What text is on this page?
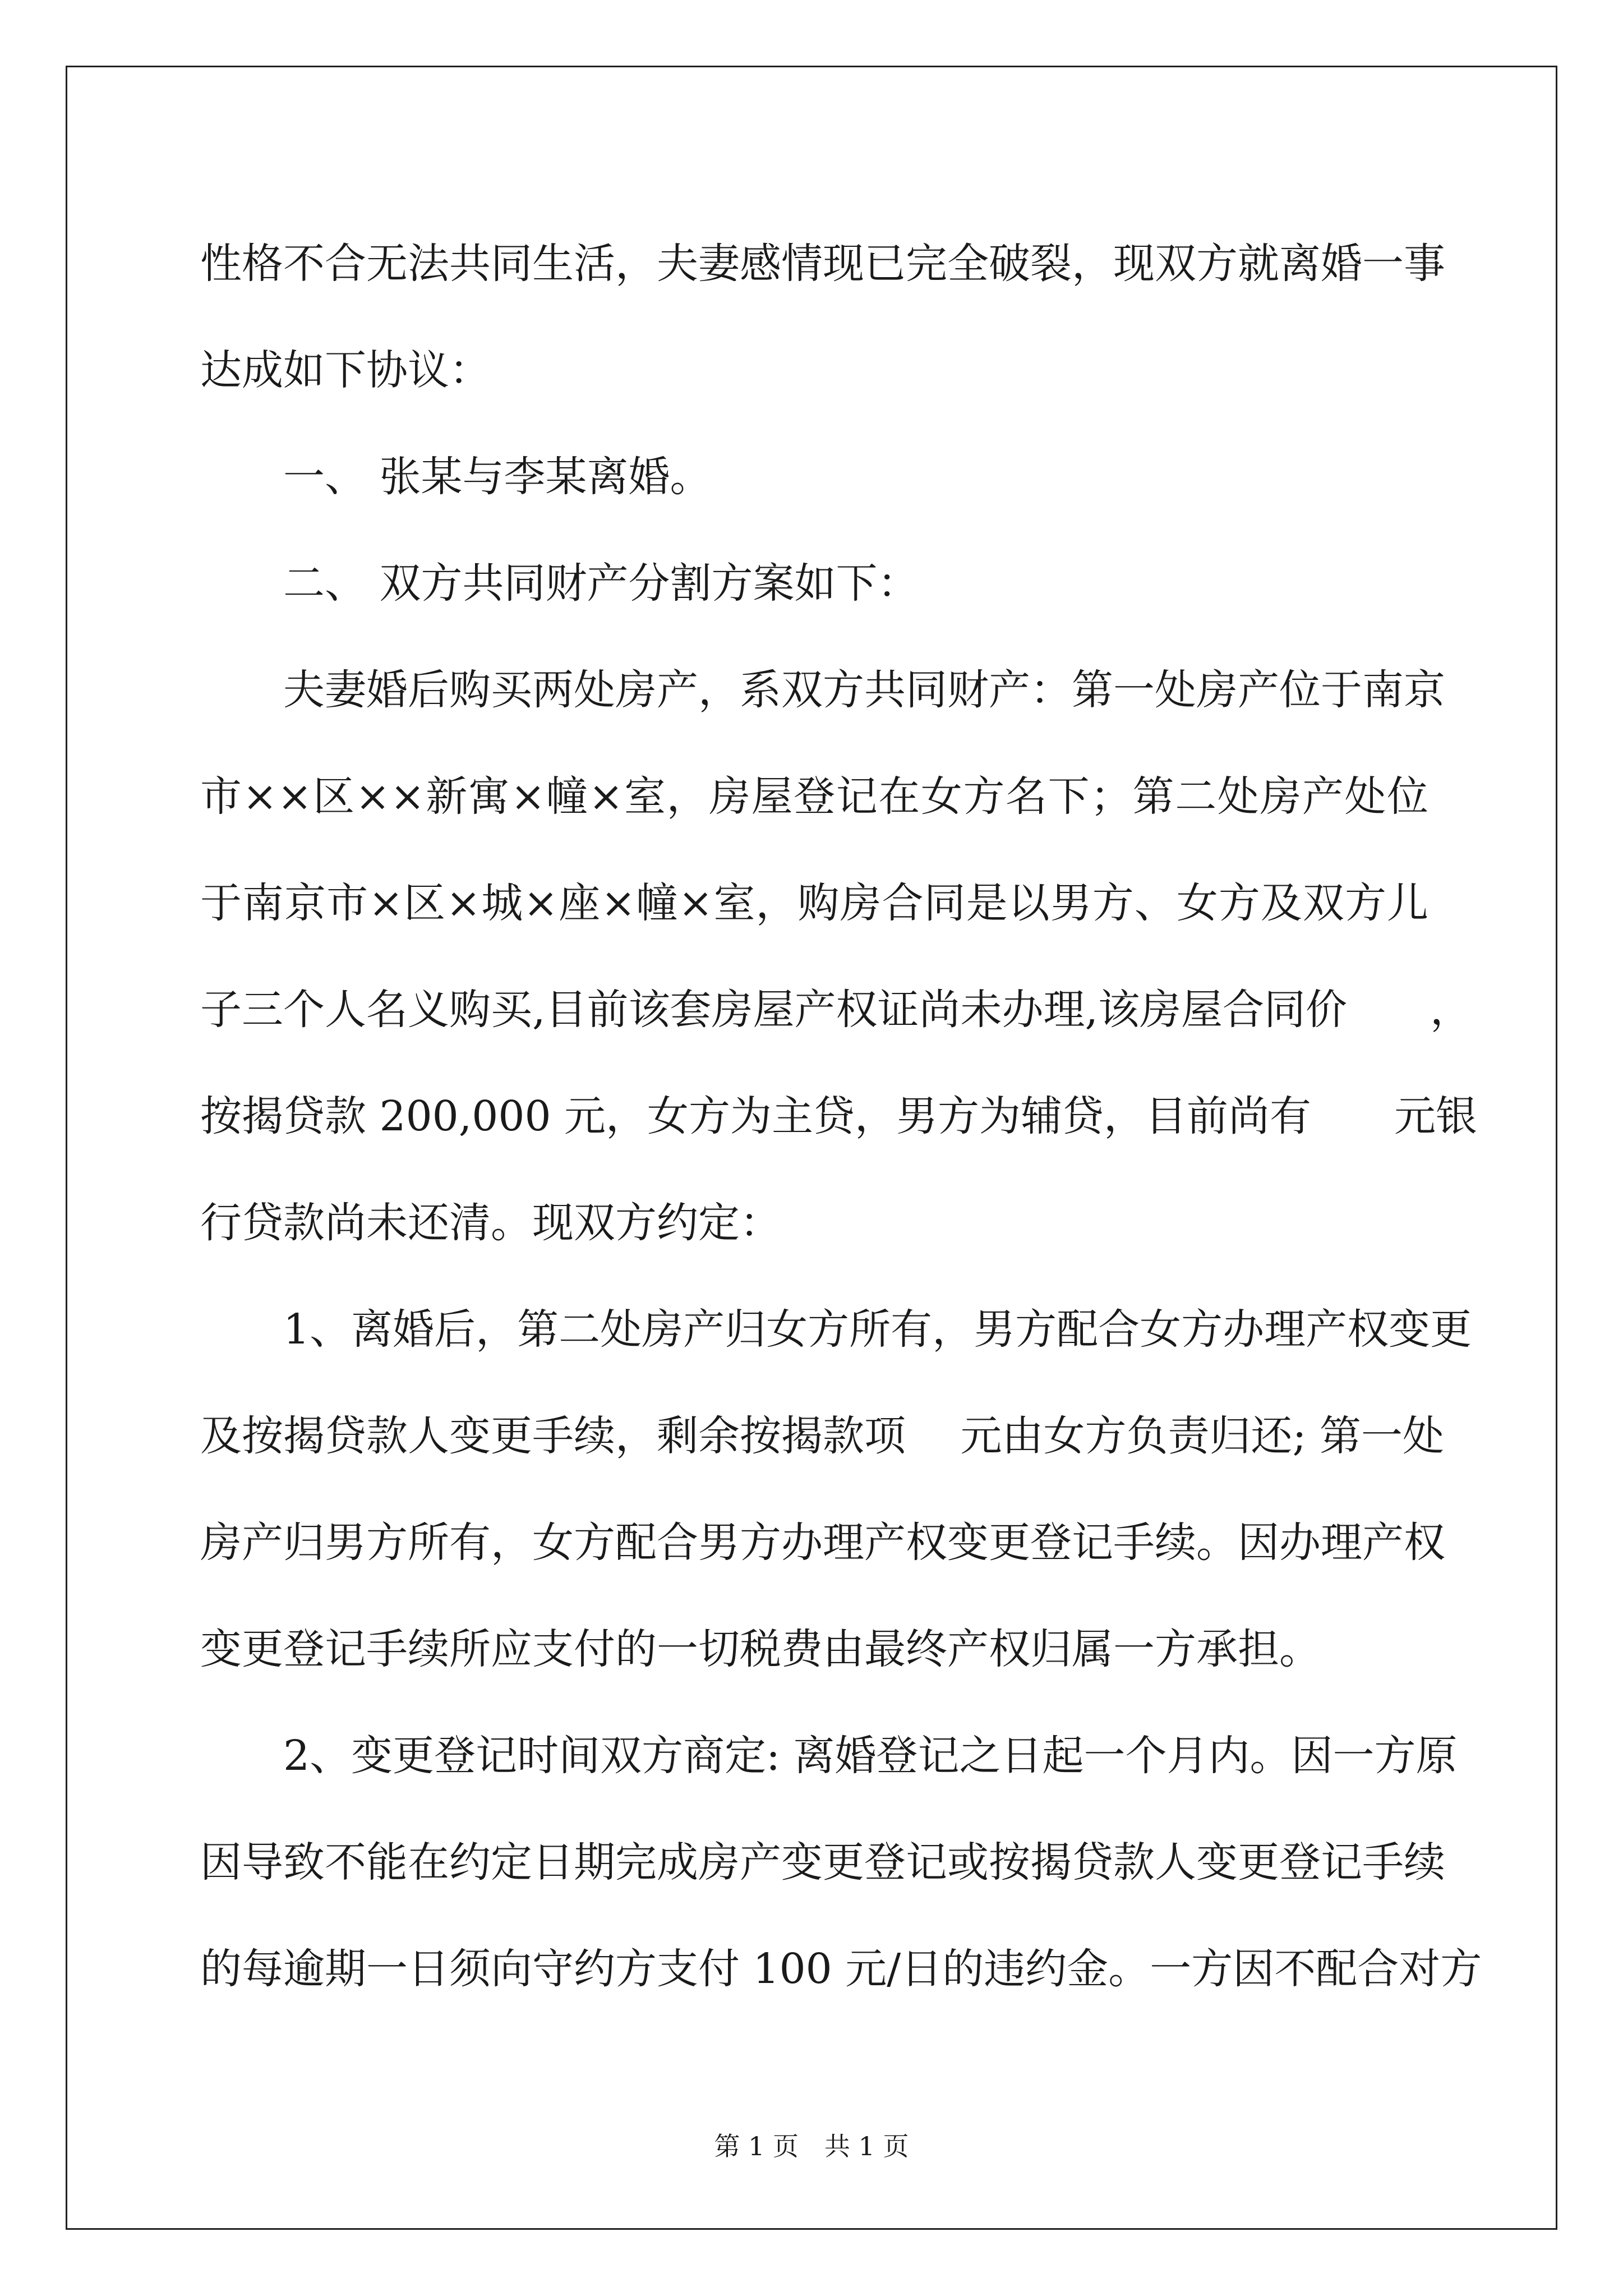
性格不合无法共同生活，夫妻感情现已完全破裂，现双方就离婚一事
达成如下协议：
一、 张某与李某离婚。
二、 双方共同财产分割方案如下：
夫妻婚后购买两处房产，系双方共同财产：第一处房产位于南京
市××区××新寓×幢×室，房屋登记在女方名下；第二处房产处位
于南京市×区×城×座×幢×室，购房合同是以男方、女方及双方儿
子三个人名义购买,目前该套房屋产权证尚未办理,该房屋合同价　　，
按揭贷款 200,000 元，女方为主贷，男方为辅贷，目前尚有　　元银
行贷款尚未还清。现双方约定：
1、离婚后，第二处房产归女方所有，男方配合女方办理产权变更
及按揭贷款人变更手续，剩余按揭款项　 元由女方负责归还; 第一处
房产归男方所有，女方配合男方办理产权变更登记手续。因办理产权
变更登记手续所应支付的一切税费由最终产权归属一方承担。
2、变更登记时间双方商定: 离婚登记之日起一个月内。因一方原
因导致不能在约定日期完成房产变更登记或按揭贷款人变更登记手续
的每逾期一日须向守约方支付 100 元/日的违约金。一方因不配合对方
第 1 页　共 1 页
